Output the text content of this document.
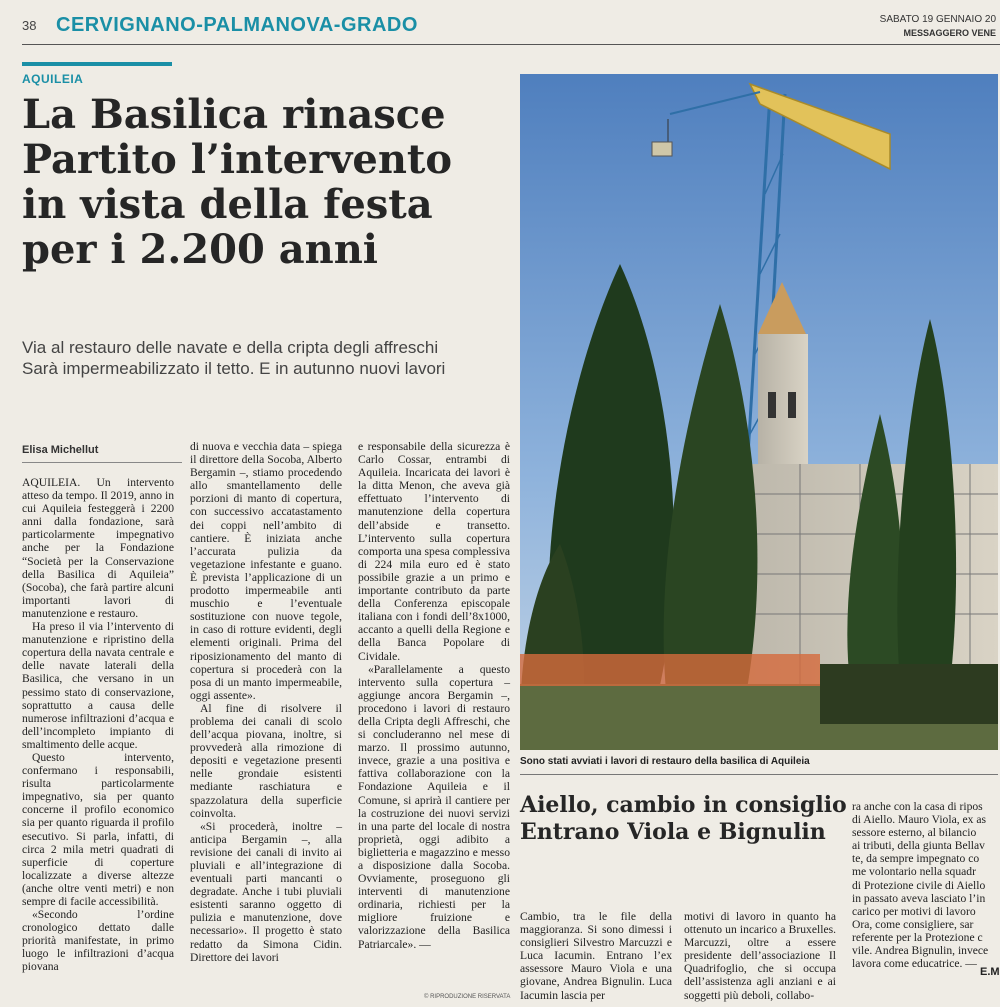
38 CERVIGNANO-PALMANOVA-GRADO	SABATO 19 GENNAIO 20
MESSAGGERO VENE
AQUILEIA
La Basilica rinasce
Partito l’intervento
in vista della festa
per i 2.200 anni
Via al restauro delle navate e della cripta degli affreschi
Sarà impermeabilizzato il tetto. E in autunno nuovi lavori
Elisa Michellut

AQUILEIA. Un intervento atteso da tempo. Il 2019, anno in cui Aquileia festeggerà i 2200 anni dalla fondazione, sarà particolarmente impegnativo anche per la Fondazione “Società per la Conservazione della Basilica di Aquileia” (Socoba), che farà partire alcuni importanti lavori di manutenzione e restauro.

Ha preso il via l’intervento di manutenzione e ripristino della copertura della navata centrale e delle navate laterali della Basilica, che versano in un pessimo stato di conservazione, soprattutto a causa delle numerose infiltrazioni d’acqua e dell’incompleto impianto di smaltimento delle acque.

Questo intervento, confermano i responsabili, risulta particolarmente impegnativo, sia per quanto concerne il profilo economico sia per quanto riguarda il profilo esecutivo. Si parla, infatti, di circa 2 mila metri quadrati di superficie di coperture localizzate a diverse altezze (anche oltre venti metri) e non sempre di facile accessibilità.

«Secondo l’ordine cronologico dettato dalle priorità manifestate, in primo luogo le infiltrazioni d’acqua piovana

di nuova e vecchia data – spiega il direttore della Socoba, Alberto Bergamin –, stiamo procedendo allo smantellamento delle porzioni di manto di copertura, con successivo accatastamento dei coppi nell’ambito di cantiere. È iniziata anche l’accurata pulizia da vegetazione infestante e guano. È prevista l’applicazione di un prodotto impermeabile anti muschio e l’eventuale sostituzione con nuove tegole, in caso di rotture evidenti, degli elementi originali. Prima del riposizionamento del manto di copertura si procederà con la posa di un manto impermeabile, oggi assente».

Al fine di risolvere il problema dei canali di scolo dell’acqua piovana, inoltre, si provvederà alla rimozione di depositi e vegetazione presenti nelle grondaie esistenti mediante raschiatura e spazzolatura della superficie coinvolta.

«Si procederà, inoltre – anticipa Bergamin –, alla revisione dei canali di invito ai pluviali e all’integrazione di eventuali parti mancanti o degradate. Anche i tubi pluviali esistenti saranno oggetto di pulizia e manutenzione, dove necessario». Il progetto è stato redatto da Simona Cidin. Direttore dei lavori

e responsabile della sicurezza è Carlo Cossar, entrambi di Aquileia. Incaricata dei lavori è la ditta Menon, che aveva già effettuato l’intervento di manutenzione della copertura dell’abside e transetto. L’intervento sulla copertura comporta una spesa complessiva di 224 mila euro ed è stato possibile grazie a un primo e importante contributo da parte della Conferenza episcopale italiana con i fondi dell’8x1000, accanto a quelli della Regione e della Banca Popolare di Cividale.

«Parallelamente a questo intervento sulla copertura – aggiunge ancora Bergamin –, procedono i lavori di restauro della Cripta degli Affreschi, che si concluderanno nel mese di marzo. Il prossimo autunno, invece, grazie a una positiva e fattiva collaborazione con la Fondazione Aquileia e il Comune, si aprirà il cantiere per la costruzione dei nuovi servizi in una parte del locale di nostra proprietà, oggi adibito a biglietteria e magazzino e messo a disposizione dalla Socoba. Ovviamente, proseguono gli interventi di manutenzione ordinaria, richiesti per la migliore fruizione e valorizzazione della Basilica Patriarcale». —

© RIPRODUZIONE RISERVATA
Sono stati avviati i lavori di restauro della basilica di Aquileia
Aiello, cambio in consiglio
Entrano Viola e Bignulin
Cambio, tra le file della maggioranza. Si sono dimessi i consiglieri Silvestro Marcuzzi e Luca Iacumin. Entrano l’ex assessore Mauro Viola e una giovane, Andrea Bignulin. Luca Iacumin lascia per
motivi di lavoro in quanto ha ottenuto un incarico a Bruxelles. Marcuzzi, oltre a essere presidente dell’associazione Il Quadrifoglio, che si occupa dell’assistenza agli anziani e ai soggetti più deboli, collabo-
ra anche con la casa di ripos
di Aiello. Mauro Viola, ex as
sessore esterno, al bilancio
ai tributi, della giunta Bellav
te, da sempre impegnato co
me volontario nella squadr
di Protezione civile di Aiello
in passato aveva lasciato l’in
carico per motivi di lavoro
Ora, come consigliere, sar
referente per la Protezione c
vile. Andrea Bignulin, invece
lavora come educatrice. —
E.M
